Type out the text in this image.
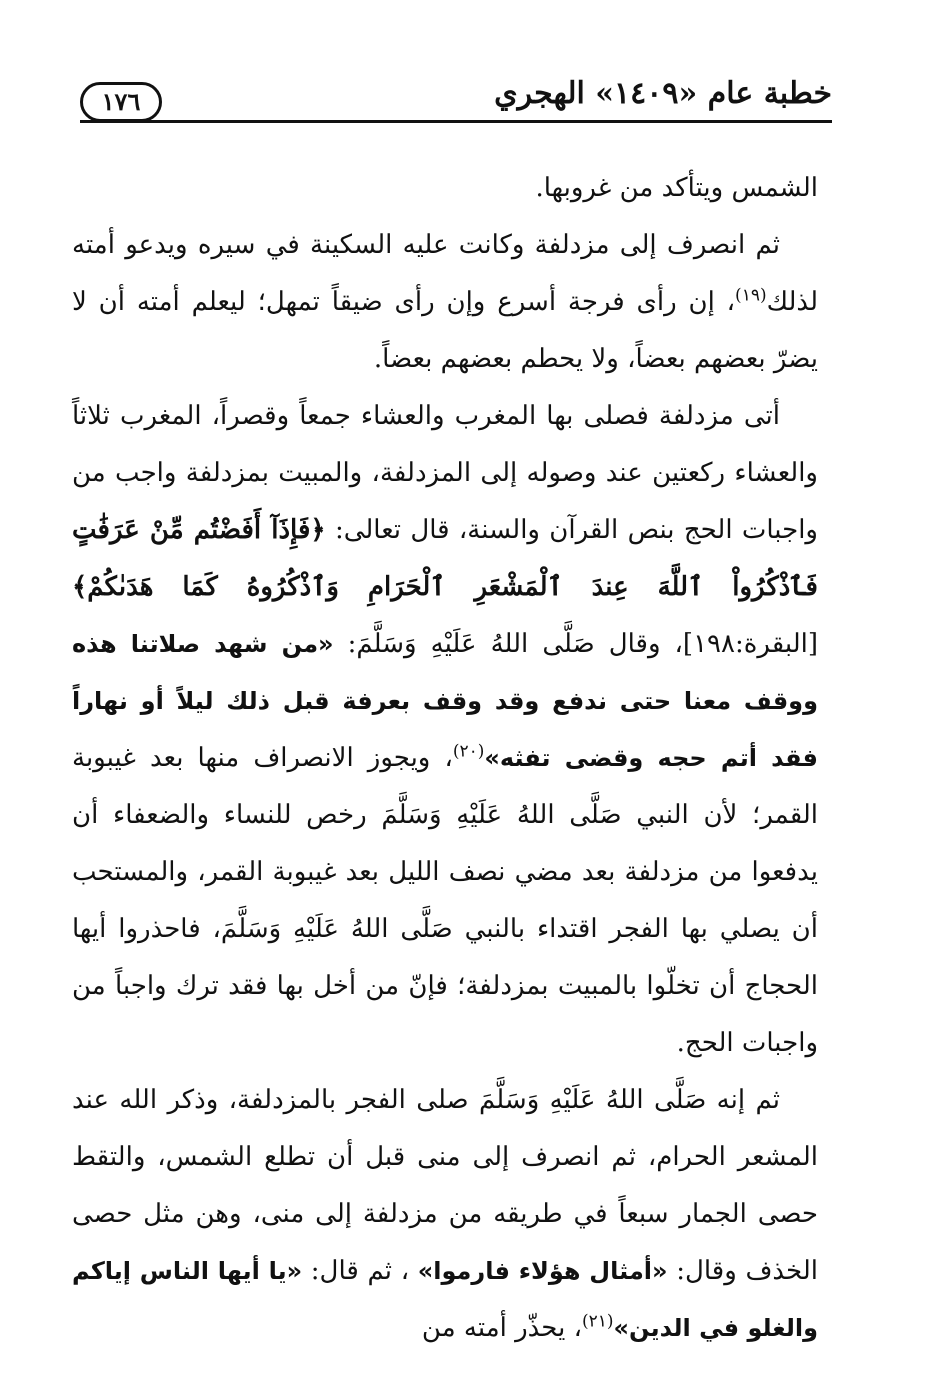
خطبة عام «١٤٠٩» الهجري
١٧٦

الشمس ويتأكد من غروبها.

ثم انصرف إلى مزدلفة وكانت عليه السكينة في سيره ويدعو أمته لذلك$^{(١٩)}$، إن رأى فرجة أسرع وإن رأى ضيقاً تمهل؛ ليعلم أمته أن لا يضرّ بعضهم بعضاً، ولا يحطم بعضهم بعضاً.

أتى مزدلفة فصلى بها المغرب والعشاء جمعاً وقصراً، المغرب ثلاثاً والعشاء ركعتين عند وصوله إلى المزدلفة، والمبيت بمزدلفة واجب من واجبات الحج بنص القرآن والسنة، قال تعالى: ﴿فَإِذَآ أَفَضْتُم مِّنْ عَرَفَٰتٍ فَٱذْكُرُواْ ٱللَّهَ عِندَ ٱلْمَشْعَرِ ٱلْحَرَامِ وَٱذْكُرُوهُ كَمَا هَدَىٰكُمْ﴾ [البقرة:١٩٨]، وقال صَلَّى اللهُ عَلَيْهِ وَسَلَّمَ: «من شهد صلاتنا هذه ووقف معنا حتى ندفع وقد وقف بعرفة قبل ذلك ليلاً أو نهاراً فقد أتم حجه وقضى تفثه»$^{(٢٠)}$، ويجوز الانصراف منها بعد غيبوبة القمر؛ لأن النبي صَلَّى اللهُ عَلَيْهِ وَسَلَّمَ رخص للنساء والضعفاء أن يدفعوا من مزدلفة بعد مضي نصف الليل بعد غيبوبة القمر، والمستحب أن يصلي بها الفجر اقتداء بالنبي صَلَّى اللهُ عَلَيْهِ وَسَلَّمَ، فاحذروا أيها الحجاج أن تخلّوا بالمبيت بمزدلفة؛ فإنّ من أخل بها فقد ترك واجباً من واجبات الحج.

ثم إنه صَلَّى اللهُ عَلَيْهِ وَسَلَّمَ صلى الفجر بالمزدلفة، وذكر الله عند المشعر الحرام، ثم انصرف إلى منى قبل أن تطلع الشمس، والتقط حصى الجمار سبعاً في طريقه من مزدلفة إلى منى، وهن مثل حصى الخذف وقال: «أمثال هؤلاء فارموا» ، ثم قال: «يا أيها الناس إياكم والغلو في الدين»$^{(٢١)}$، يحذّر أمته من
